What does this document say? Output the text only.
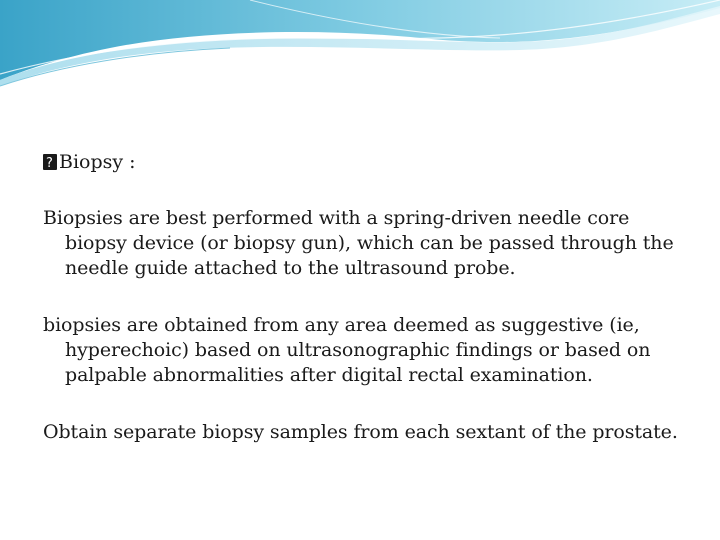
?
Biopsy :

Biopsies are best performed with a spring-driven needle core biopsy device (or biopsy gun), which can be passed through the needle guide attached to the ultrasound probe.

biopsies are obtained from any area deemed as suggestive (ie, hyperechoic) based on ultrasonographic findings or based on palpable abnormalities after digital rectal examination.

Obtain separate biopsy samples from each sextant of the prostate.
